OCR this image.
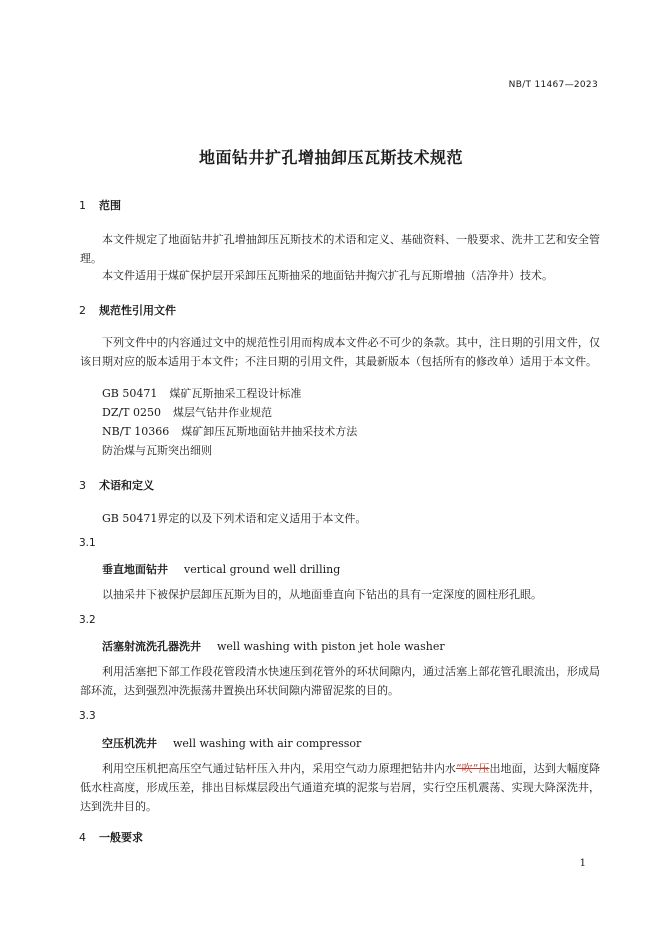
NB/T 11467—2023
地面钻井扩孔增抽卸压瓦斯技术规范
1 范围

本文件规定了地面钻井扩孔增抽卸压瓦斯技术的术语和定义、基础资料、一般要求、洗井工艺和安全管理。

本文件适用于煤矿保护层开采卸压瓦斯抽采的地面钻井掏穴扩孔与瓦斯增抽（洁净井）技术。

2 规范性引用文件

下列文件中的内容通过文中的规范性引用而构成本文件必不可少的条款。其中，注日期的引用文件，仅该日期对应的版本适用于本文件；不注日期的引用文件，其最新版本（包括所有的修改单）适用于本文件。

GB 50471 煤矿瓦斯抽采工程设计标准
DZ/T 0250 煤层气钻井作业规范
NB/T 10366 煤矿卸压瓦斯地面钻井抽采技术方法
防治煤与瓦斯突出细则
3 术语和定义

GB 50471界定的以及下列术语和定义适用于本文件。

3.1
垂直地面钻井 vertical ground well drilling

以抽采井下被保护层卸压瓦斯为目的，从地面垂直向下钻出的具有一定深度的圆柱形孔眼。

3.2
活塞射流洗孔器洗井 well washing with piston jet hole washer

利用活塞把下部工作段花管段清水快速压到花管外的环状间隙内，通过活塞上部花管孔眼流出，形成局部环流，达到强烈冲洗振荡井置换出环状间隙内滞留泥浆的目的。

3.3
空压机洗井 well washing with air compressor

利用空压机把高压空气通过钻杆压入井内，采用空气动力原理把钻井内水“吹”压出地面，达到大幅度降低水柱高度，形成压差，排出目标煤层段出气通道充填的泥浆与岩屑，实行空压机震荡、实现大降深洗井，达到洗井目的。

4 一般要求
1
